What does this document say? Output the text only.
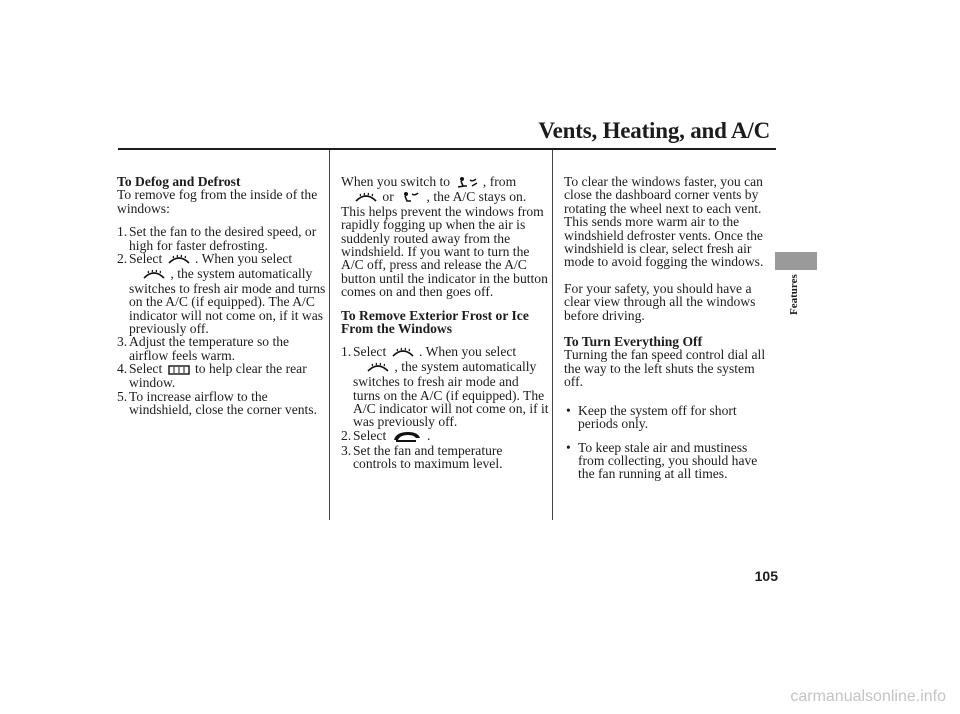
Vents, Heating, and A/C

To Defog and Defrost

To remove fog from the inside of the windows:

1. Set the fan to the desired speed, or high for faster defrosting.
2. Select . When you select
, the system automatically switches to fresh air mode and turns on the A/C (if equipped). The A/C indicator will not come on, if it was previously off.
3. Adjust the temperature so the airflow feels warm.
4. Select to help clear the rear window.
5. To increase airflow to the windshield, close the corner vents.

When you switch to , from
or , the A/C stays on. This helps prevent the windows from rapidly fogging up when the air is suddenly routed away from the windshield. If you want to turn the A/C off, press and release the A/C button until the indicator in the button comes on and then goes off.

To Remove Exterior Frost or Ice From the Windows

1. Select . When you select
, the system automatically switches to fresh air mode and turns on the A/C (if equipped). The A/C indicator will not come on, if it was previously off.
2. Select	.
3. Set the fan and temperature controls to maximum level.

To clear the windows faster, you can close the dashboard corner vents by rotating the wheel next to each vent. This sends more warm air to the windshield defroster vents. Once the windshield is clear, select fresh air mode to avoid fogging the windows.

For your safety, you should have a clear view through all the windows before driving.

To Turn Everything Off

Turning the fan speed control dial all the way to the left shuts the system off.

• Keep the system off for short periods only.
• To keep stale air and mustiness from collecting, you should have the fan running at all times.
Features
105
carmanualsonline.info
